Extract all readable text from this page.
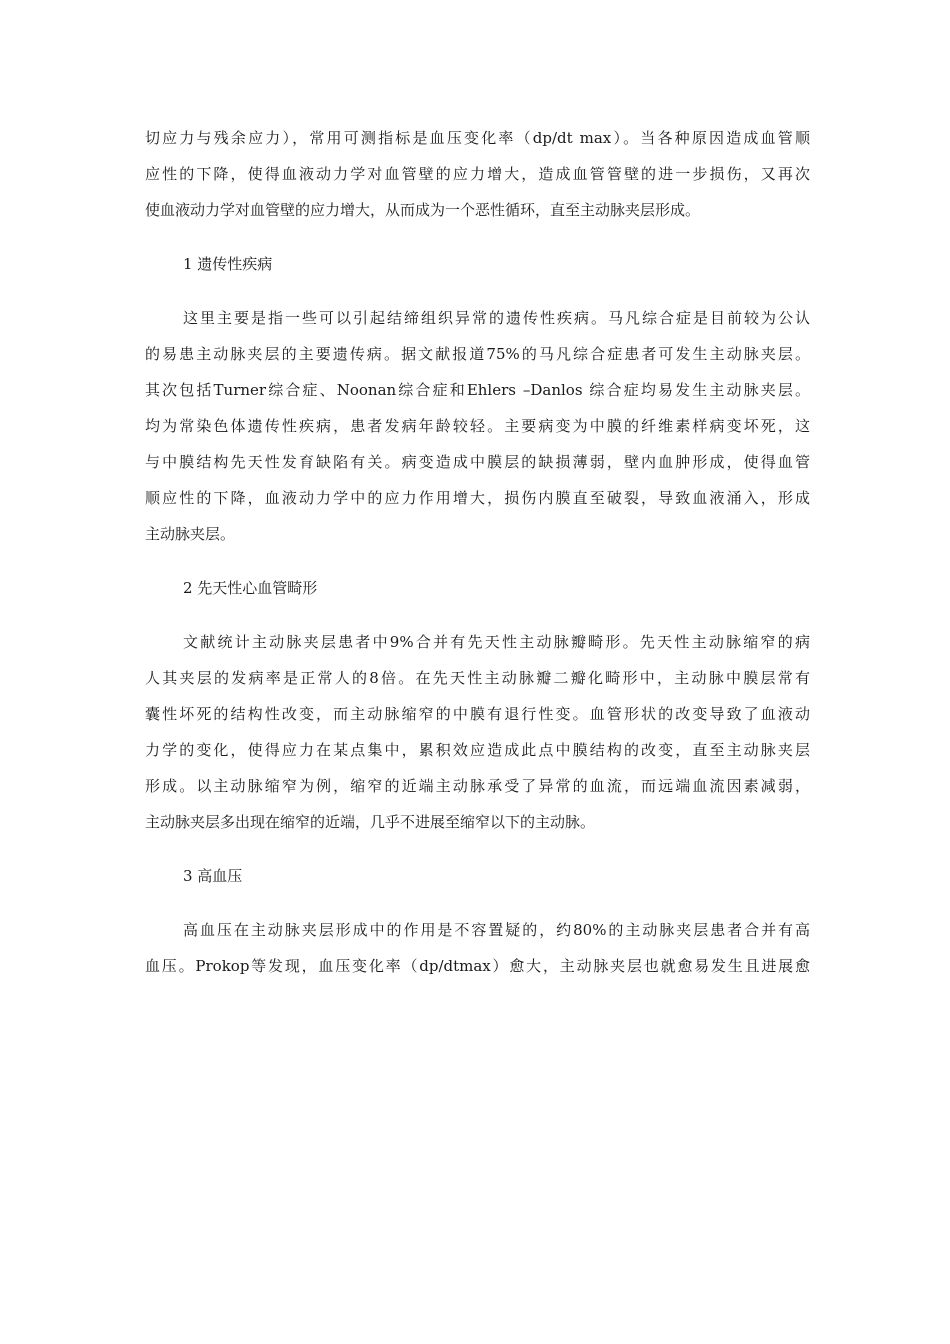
切应力与残余应力），常用可测指标是血压变化率（dp/dt max）。当各种原因造成血管顺
应性的下降，使得血液动力学对血管壁的应力增大，造成血管管壁的进一步损伤，又再次
使血液动力学对血管壁的应力增大，从而成为一个恶性循环，直至主动脉夹层形成。
1 遗传性疾病
这里主要是指一些可以引起结缔组织异常的遗传性疾病。马凡综合症是目前较为公认
的易患主动脉夹层的主要遗传病。据文献报道75%的马凡综合症患者可发生主动脉夹层。
其次包括Turner综合症、Noonan综合症和Ehlers –Danlos 综合症均易发生主动脉夹层。
均为常染色体遗传性疾病，患者发病年龄较轻。主要病变为中膜的纤维素样病变坏死，这
与中膜结构先天性发育缺陷有关。病变造成中膜层的缺损薄弱，壁内血肿形成，使得血管
顺应性的下降，血液动力学中的应力作用增大，损伤内膜直至破裂，导致血液涌入，形成
主动脉夹层。
2 先天性心血管畸形
文献统计主动脉夹层患者中9%合并有先天性主动脉瓣畸形。先天性主动脉缩窄的病
人其夹层的发病率是正常人的8倍。在先天性主动脉瓣二瓣化畸形中，主动脉中膜层常有
囊性坏死的结构性改变，而主动脉缩窄的中膜有退行性变。血管形状的改变导致了血液动
力学的变化，使得应力在某点集中，累积效应造成此点中膜结构的改变，直至主动脉夹层
形成。以主动脉缩窄为例，缩窄的近端主动脉承受了异常的血流，而远端血流因素减弱，
主动脉夹层多出现在缩窄的近端，几乎不进展至缩窄以下的主动脉。
3 高血压
高血压在主动脉夹层形成中的作用是不容置疑的，约80%的主动脉夹层患者合并有高
血压。Prokop等发现，血压变化率（dp/dtmax）愈大，主动脉夹层也就愈易发生且进展愈
